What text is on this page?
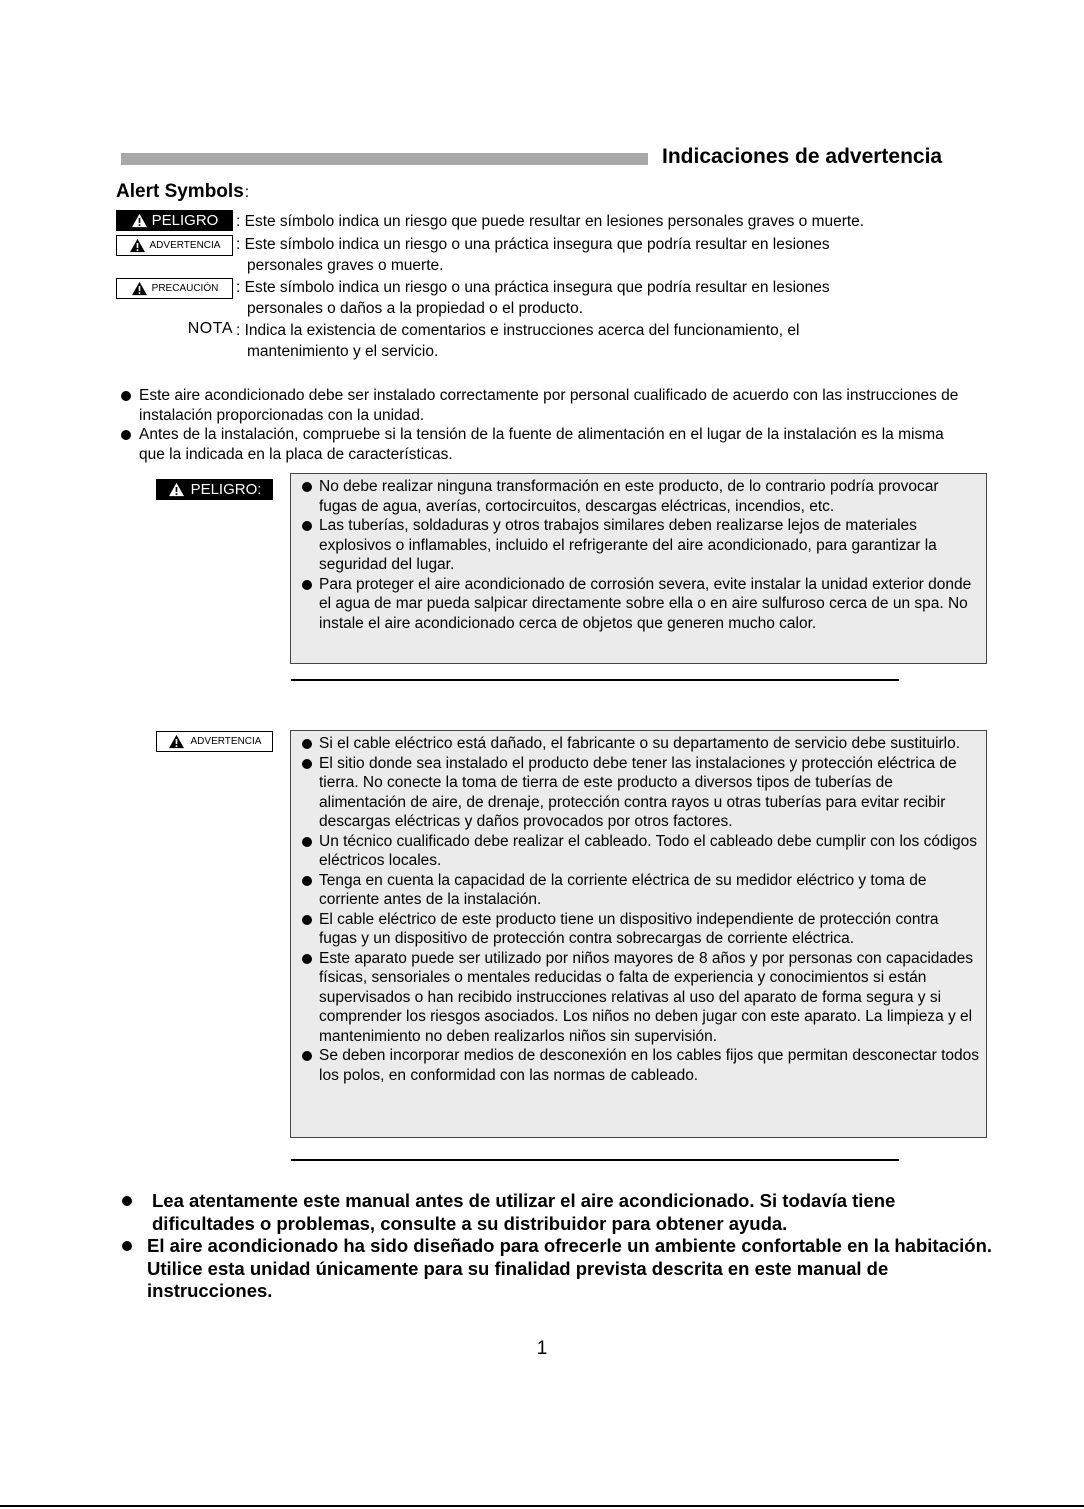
Indicaciones de advertencia
Alert Symbols:
PELIGRO : Este símbolo indica un riesgo que puede resultar en lesiones personales graves o muerte.
ADVERTENCIA : Este símbolo indica un riesgo o una práctica insegura que podría resultar en lesiones
personales graves o muerte.
PRECAUCIÓN : Este símbolo indica un riesgo o una práctica insegura que podría resultar en lesiones
personales o daños a la propiedad o el producto.
NOTA : Indica la existencia de comentarios e instrucciones acerca del funcionamiento, el
mantenimiento y el servicio.
Este aire acondicionado debe ser instalado correctamente por personal cualificado de acuerdo con las instrucciones de instalación proporcionadas con la unidad.
Antes de la instalación, compruebe si la tensión de la fuente de alimentación en el lugar de la instalación es la misma que la indicada en la placa de características.
PELIGRO:	No debe realizar ninguna transformación en este producto, de lo contrario podría provocar fugas de agua, averías, cortocircuitos, descargas eléctricas, incendios, etc.
Las tuberías, soldaduras y otros trabajos similares deben realizarse lejos de materiales explosivos o inflamables, incluido el refrigerante del aire acondicionado, para garantizar la seguridad del lugar.
Para proteger el aire acondicionado de corrosión severa, evite instalar la unidad exterior donde el agua de mar pueda salpicar directamente sobre ella o en aire sulfuroso cerca de un spa. No instale el aire acondicionado cerca de objetos que generen mucho calor.
ADVERTENCIA	Si el cable eléctrico está dañado, el fabricante o su departamento de servicio debe sustituirlo.
El sitio donde sea instalado el producto debe tener las instalaciones y protección eléctrica de tierra. No conecte la toma de tierra de este producto a diversos tipos de tuberías de alimentación de aire, de drenaje, protección contra rayos u otras tuberías para evitar recibir descargas eléctricas y daños provocados por otros factores.
Un técnico cualificado debe realizar el cableado. Todo el cableado debe cumplir con los códigos eléctricos locales.
Tenga en cuenta la capacidad de la corriente eléctrica de su medidor eléctrico y toma de corriente antes de la instalación.
El cable eléctrico de este producto tiene un dispositivo independiente de protección contra fugas y un dispositivo de protección contra sobrecargas de corriente eléctrica.
Este aparato puede ser utilizado por niños mayores de 8 años y por personas con capacidades físicas, sensoriales o mentales reducidas o falta de experiencia y conocimientos si están supervisados o han recibido instrucciones relativas al uso del aparato de forma segura y si comprender los riesgos asociados. Los niños no deben jugar con este aparato. La limpieza y el mantenimiento no deben realizarlos niños sin supervisión.
Se deben incorporar medios de desconexión en los cables fijos que permitan desconectar todos los polos, en conformidad con las normas de cableado.
Lea atentamente este manual antes de utilizar el aire acondicionado. Si todavía tiene dificultades o problemas, consulte a su distribuidor para obtener ayuda.
El aire acondicionado ha sido diseñado para ofrecerle un ambiente confortable en la habitación. Utilice esta unidad únicamente para su finalidad prevista descrita en este manual de instrucciones.
1
